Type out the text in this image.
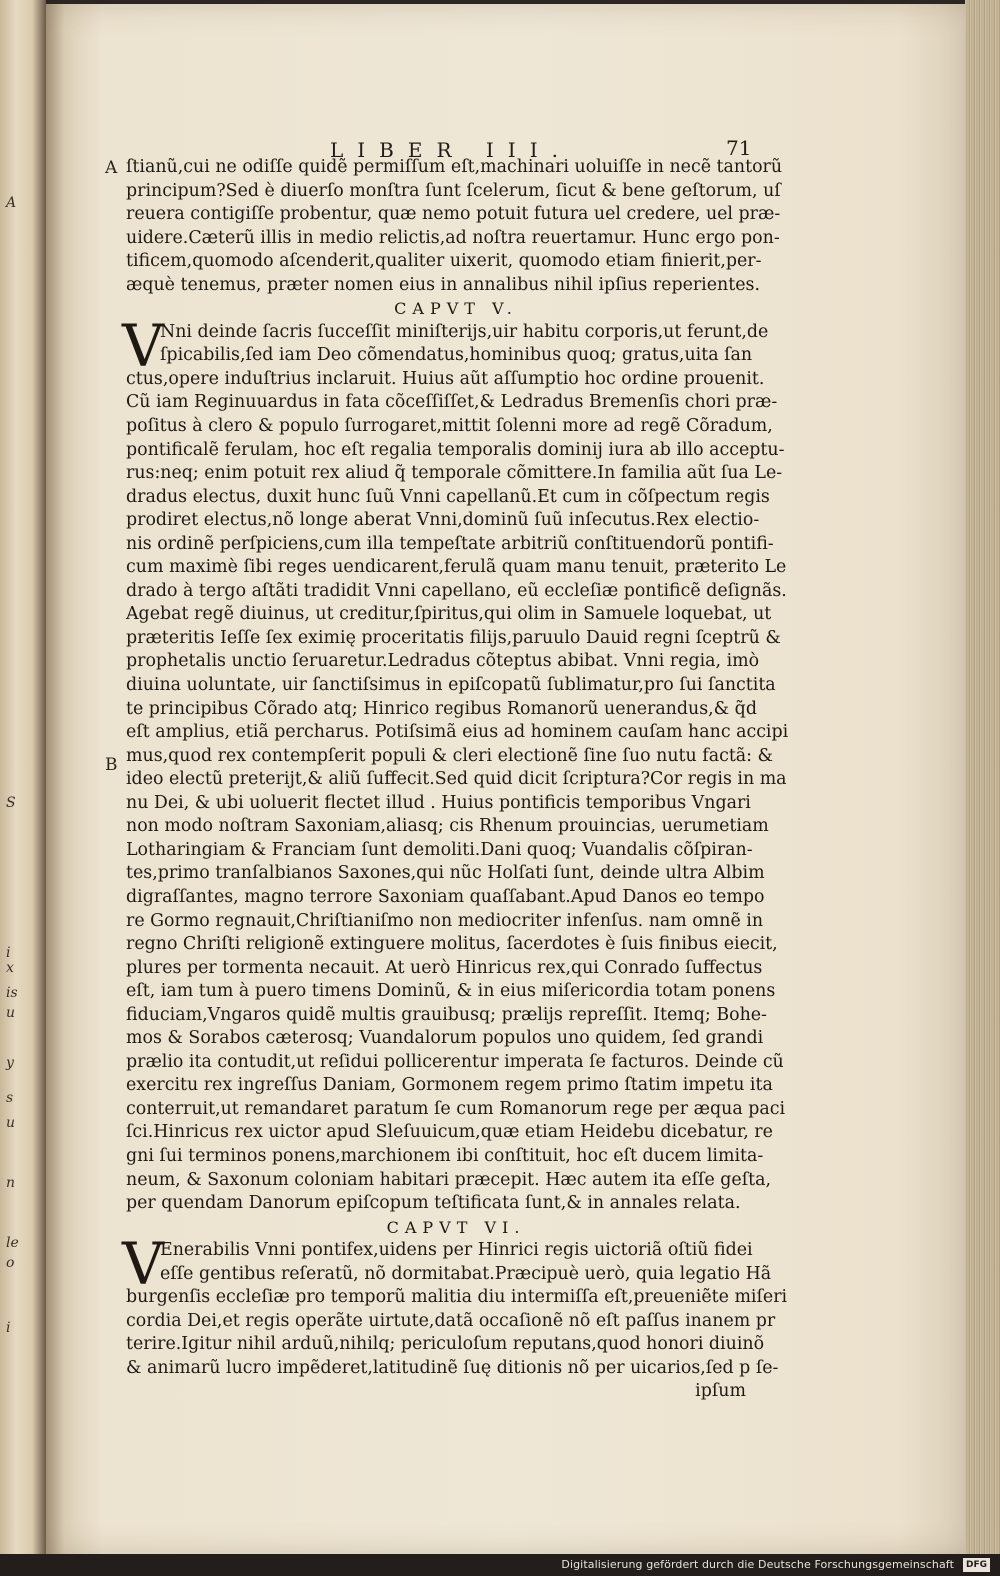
LIBER III.	71
A
B
ſtianũ,cui ne odiſſe quidẽ permiſſum eſt,machinari uoluiſſe in necẽ tantorũ
principum?Sed è diuerſo monſtra ſunt ſcelerum, ſicut & bene geſtorum, uſ
reuera contigiſſe probentur, quæ nemo potuit futura uel credere, uel præ-
uidere.Cæterũ illis in medio relictis,ad noſtra reuertamur. Hunc ergo pon-
tificem,quomodo aſcenderit,qualiter uixerit, quomodo etiam finierit,per-
æquè tenemus, præter nomen eius in annalibus nihil ipſius reperientes.
CAPVT V.
V
Nni deinde ſacris ſucceſſit miniſterijs,uir habitu corporis,ut ferunt,de
ſpicabilis,ſed iam Deo cõmendatus,hominibus quoq; gratus,uita ſan
ctus,opere induſtrius inclaruit. Huius aũt aſſumptio hoc ordine prouenit.
Cũ iam Reginuuardus in fata cõceſſiſſet,& Ledradus Bremenſis chori præ-
poſitus à clero & populo ſurrogaret,mittit ſolenni more ad regẽ Cõradum,
pontificalẽ ferulam, hoc eſt regalia temporalis dominij iura ab illo acceptu-
rus:neq; enim potuit rex aliud q̃ temporale cõmittere.In familia aũt ſua Le-
dradus electus, duxit hunc ſuũ Vnni capellanũ.Et cum in cõſpectum regis
prodiret electus,nõ longe aberat Vnni,dominũ ſuũ inſecutus.Rex electio-
nis ordinẽ perſpiciens,cum illa tempeſtate arbitriũ conſtituendorũ pontifi-
cum maximè ſibi reges uendicarent,ferulã quam manu tenuit, præterito Le
drado à tergo aſtãti tradidit Vnni capellano, eũ eccleſiæ pontificẽ deſignãs.
Agebat regẽ diuinus, ut creditur,ſpiritus,qui olim in Samuele loquebat, ut
præteritis Ieſſe ſex eximię proceritatis filijs,paruulo Dauid regni ſceptrũ &
prophetalis unctio ſeruaretur.Ledradus cõteptus abibat. Vnni regia, imò
diuina uoluntate, uir ſanctiſsimus in epiſcopatũ ſublimatur,pro ſui ſanctita
te principibus Cõrado atq; Hinrico regibus Romanorũ uenerandus,& q̃d
eſt amplius, etiã percharus. Potiſsimã eius ad hominem cauſam hanc accipi
mus,quod rex contempſerit populi & cleri electionẽ ſine ſuo nutu factã: &
ideo electũ preterijt,& aliũ ſuffecit.Sed quid dicit ſcriptura?Cor regis in ma
nu Dei, & ubi uoluerit flectet illud . Huius pontificis temporibus Vngari
non modo noſtram Saxoniam,aliasq; cis Rhenum prouincias, uerumetiam
Lotharingiam & Franciam ſunt demoliti.Dani quoq; Vuandalis cõſpiran-
tes,primo tranſalbianos Saxones,qui nũc Holſati ſunt, deinde ultra Albim
digraſſantes, magno terrore Saxoniam quaſſabant.Apud Danos eo tempo
re Gormo regnauit,Chriſtianiſmo non mediocriter infenſus. nam omnẽ in
regno Chriſti religionẽ extinguere molitus, ſacerdotes è ſuis finibus eiecit,
plures per tormenta necauit. At uerò Hinricus rex,qui Conrado ſuffectus
eſt, iam tum à puero timens Dominũ, & in eius miſericordia totam ponens
fiduciam,Vngaros quidẽ multis grauibusq; prælijs repreſſit. Itemq; Bohe-
mos & Sorabos cæterosq; Vuandalorum populos uno quidem, ſed grandi
prælio ita contudit,ut reſidui pollicerentur imperata ſe facturos. Deinde cũ
exercitu rex ingreſſus Daniam, Gormonem regem primo ſtatim impetu ita
conterruit,ut remandaret paratum ſe cum Romanorum rege per æqua paci
ſci.Hinricus rex uictor apud Sleſuuicum,quæ etiam Heidebu dicebatur, re
gni ſui terminos ponens,marchionem ibi conſtituit, hoc eſt ducem limita-
neum, & Saxonum coloniam habitari præcepit. Hæc autem ita eſſe geſta,
per quendam Danorum epiſcopum teſtificata ſunt,& in annales relata.
CAPVT VI.
V
Enerabilis Vnni pontifex,uidens per Hinrici regis uictoriã oſtiũ fidei
eſſe gentibus reſeratũ, nõ dormitabat.Præcipuè uerò, quia legatio Hã
burgenſis eccleſiæ pro temporũ malitia diu intermiſſa eſt,preueniẽte miſeri
cordia Dei,et regis operãte uirtute,datã occaſionẽ nõ eſt paſſus inanem pr
terire.Igitur nihil arduũ,nihilq; periculoſum reputans,quod honori diuinõ
& animarũ lucro impẽderet,latitudinẽ ſuę ditionis nõ per uicarios,ſed p ſe-
ipſum
A
S
i
x
is
u
y
s
u
n
le
o
i
Digitalisierung gefördert durch die Deutsche Forschungsgemeinschaft	DFG
